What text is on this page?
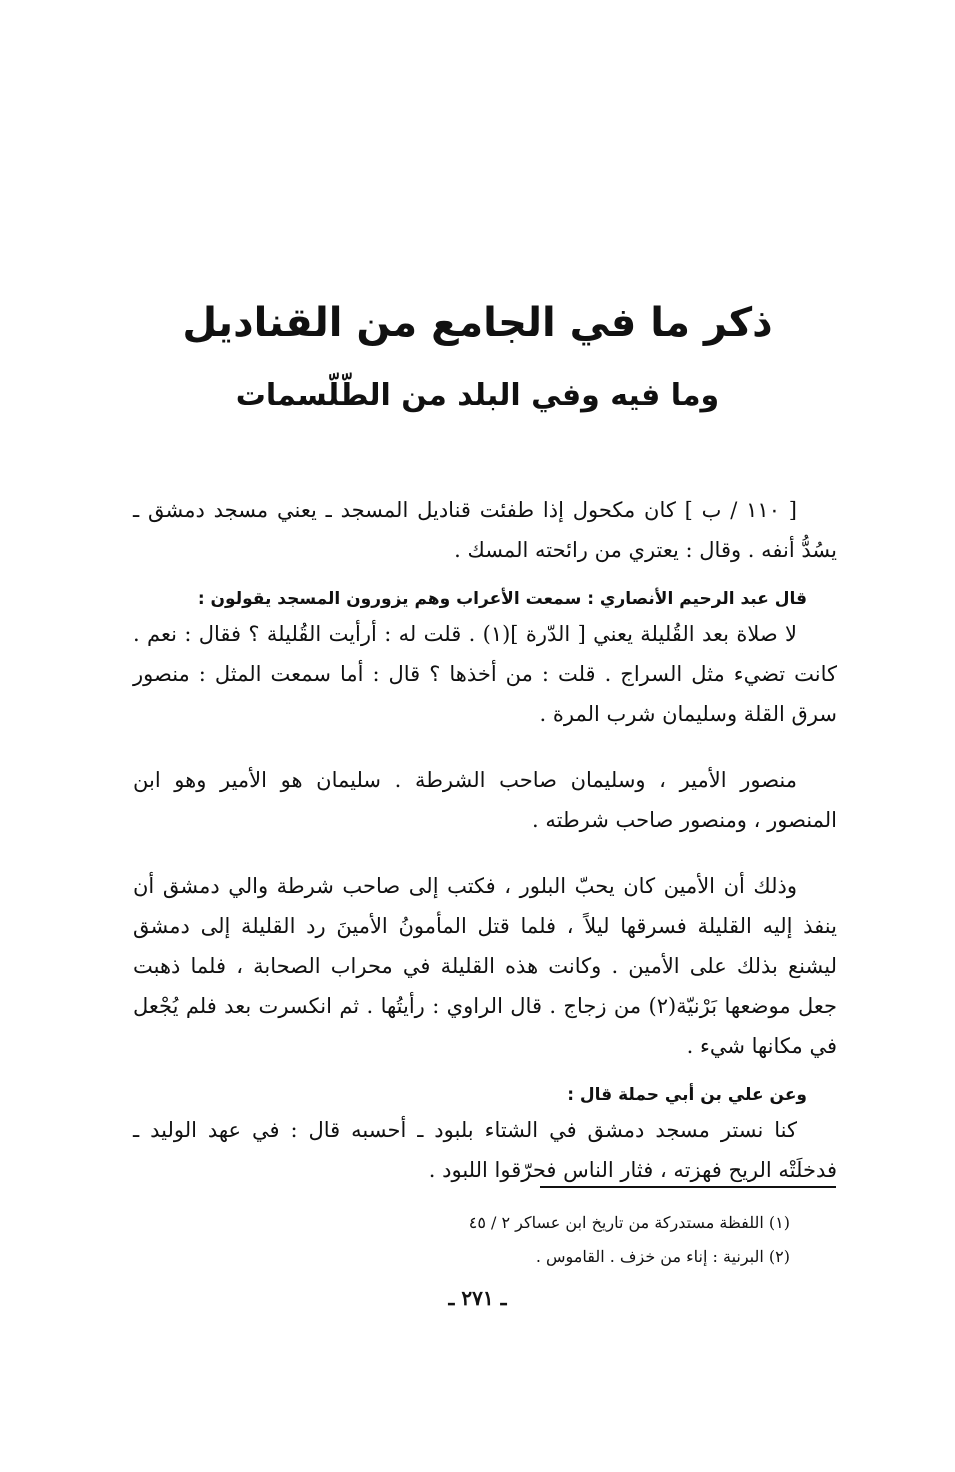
ذكر ما في الجامع من القناديل
وما فيه وفي البلد من الطّلّسمات

[ ١١٠ / ب ] كان مكحول إذا طفئت قناديل المسجد ـ يعني مسجد دمشق ـ يسُدُّ أنفه . وقال : يعتري من رائحته المسك .

قال عبد الرحيم الأنصاري : سمعت الأعراب وهم يزورون المسجد يقولون :

لا صلاة بعد القُليلة يعني [ الدّرة ](١) . قلت له : أرأيت القُليلة ؟ فقال : نعم . كانت تضيء مثل السراج . قلت : من أخذها ؟ قال : أما سمعت المثل : منصور سرق القلة وسليمان شرب المرة .

منصور الأمير ، وسليمان صاحب الشرطة . سليمان هو الأمير وهو ابن المنصور ، ومنصور صاحب شرطته .

وذلك أن الأمين كان يحبّ البلور ، فكتب إلى صاحب شرطة والي دمشق أن ينفذ إليه القليلة فسرقها ليلاً ، فلما قتل المأمونُ الأمينَ رد القليلة إلى دمشق ليشنع بذلك على الأمين . وكانت هذه القليلة في محراب الصحابة ، فلما ذهبت جعل موضعها بَرْنيّة(٢) من زجاج . قال الراوي : رأيتُها . ثم انكسرت بعد فلم يُجْعل في مكانها شيء .

وعن علي بن أبي حملة قال :

كنا نستر مسجد دمشق في الشتاء بلبود ـ أحسبه قال : في عهد الوليد ـ فدخلَتْه الريح فهزته ، فثار الناس فحرّقوا اللبود .

(١) اللفظة مستدركة من تاريخ ابن عساكر ٢ / ٤٥
(٢) البرنية : إناء من خزف . القاموس .
ـ ٢٧١ ـ
